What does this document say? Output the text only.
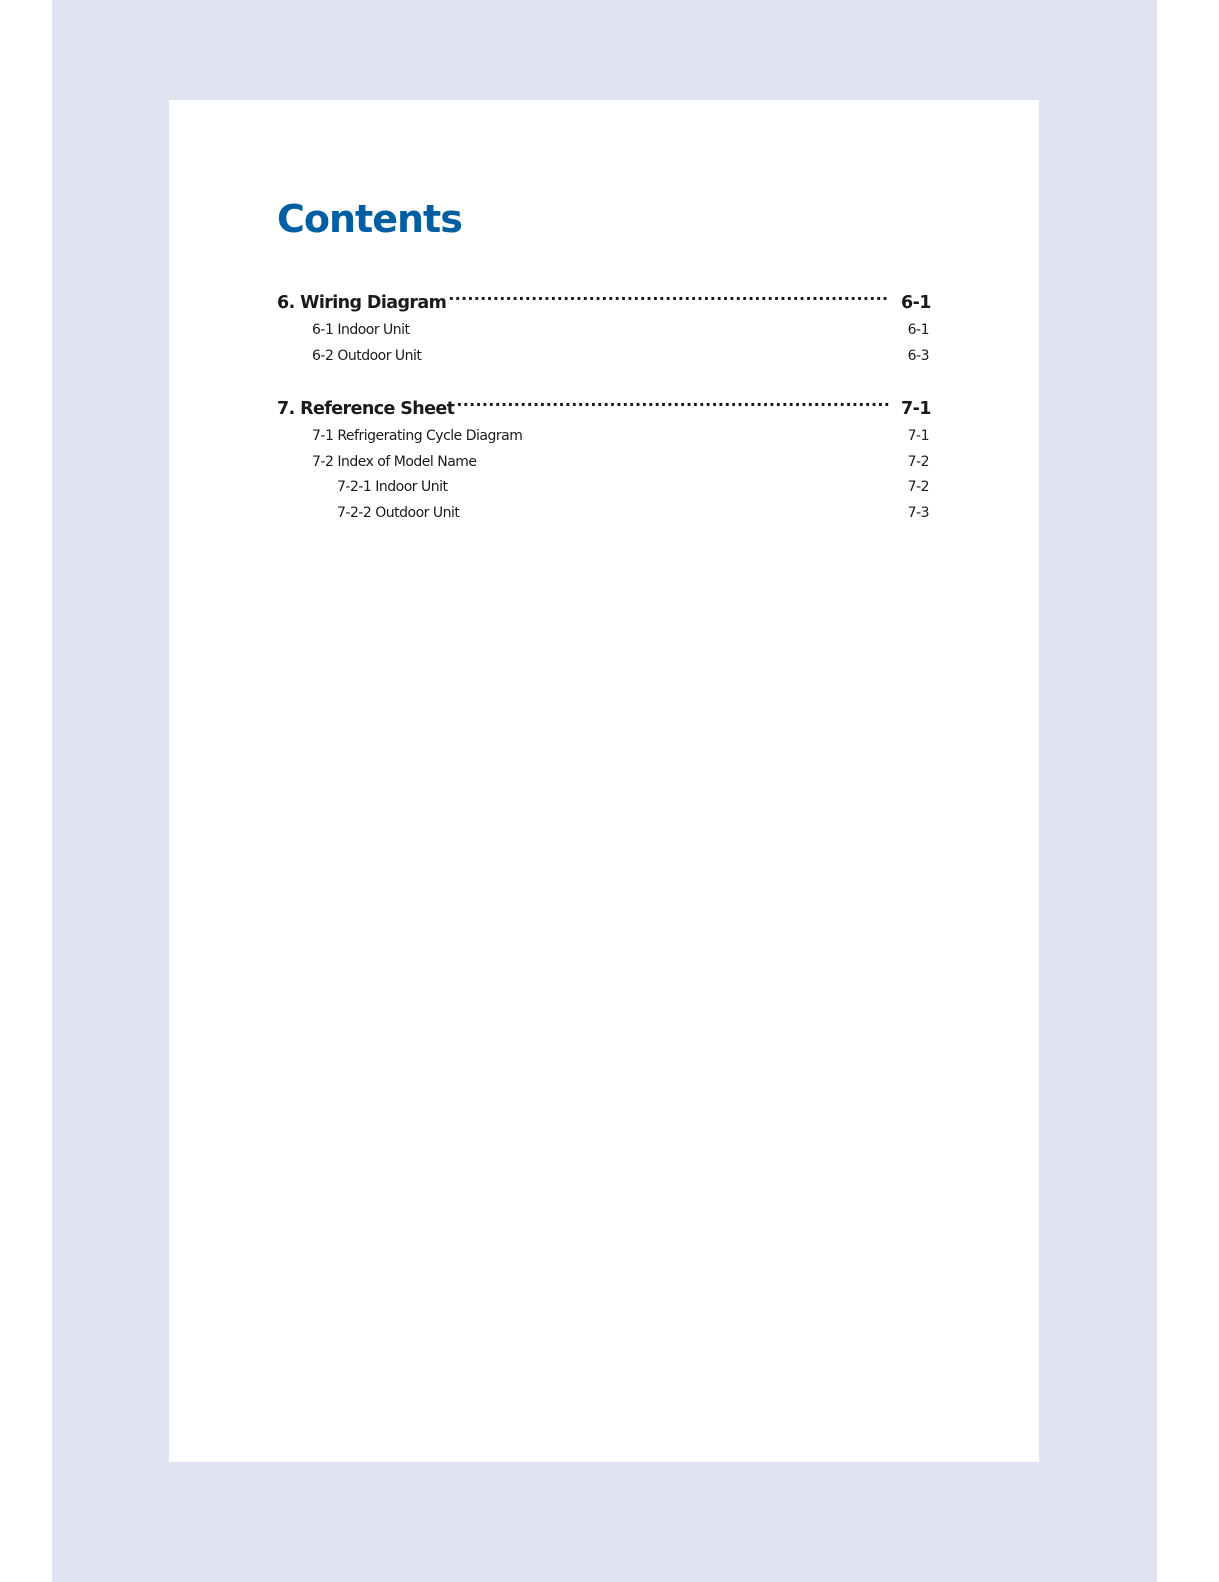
Contents
6. Wiring Diagram .....	6-1
6-1 Indoor Unit .....	6-1
6-2 Outdoor Unit .....	6-3
7. Reference Sheet .....	7-1
7-1 Refrigerating Cycle Diagram .....	7-1
7-2 Index of Model Name .....	7-2
7-2-1 Indoor Unit .....	7-2
7-2-2 Outdoor Unit .....	7-3
